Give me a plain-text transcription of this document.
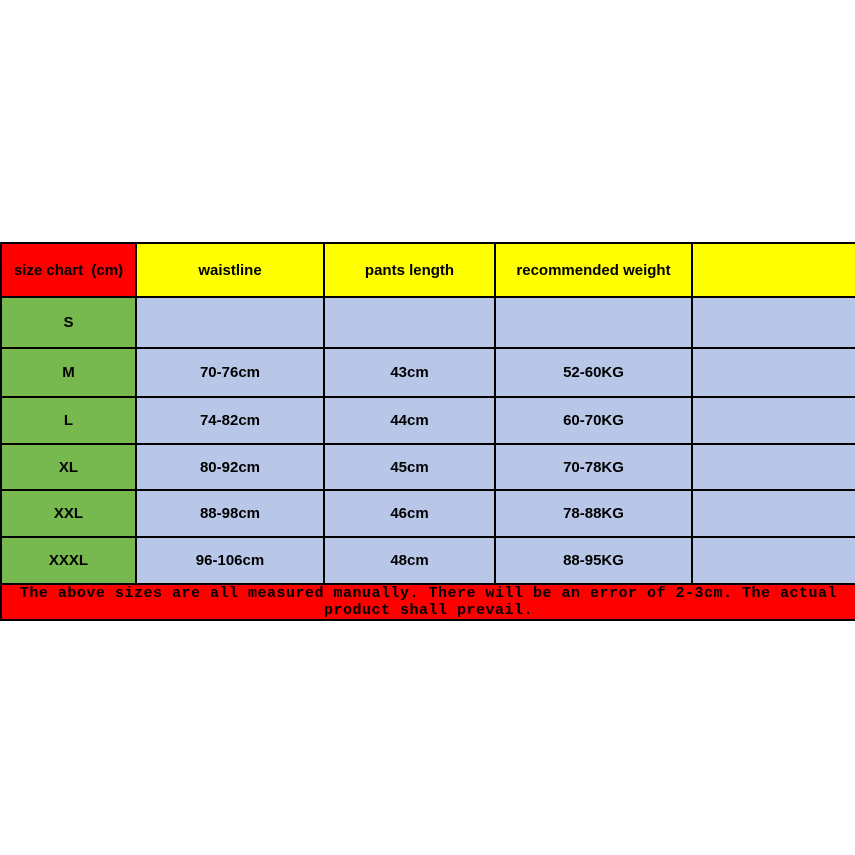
size chart  (cm)	waistline	pants length	recommended weight	
S				
M	70-76cm	43cm	52-60KG	
L	74-82cm	44cm	60-70KG	
XL	80-92cm	45cm	70-78KG	
XXL	88-98cm	46cm	78-88KG	
XXXL	96-106cm	48cm	88-95KG	
The above sizes are all measured manually. There will be an error of 2-3cm. The actual product shall prevail.				
